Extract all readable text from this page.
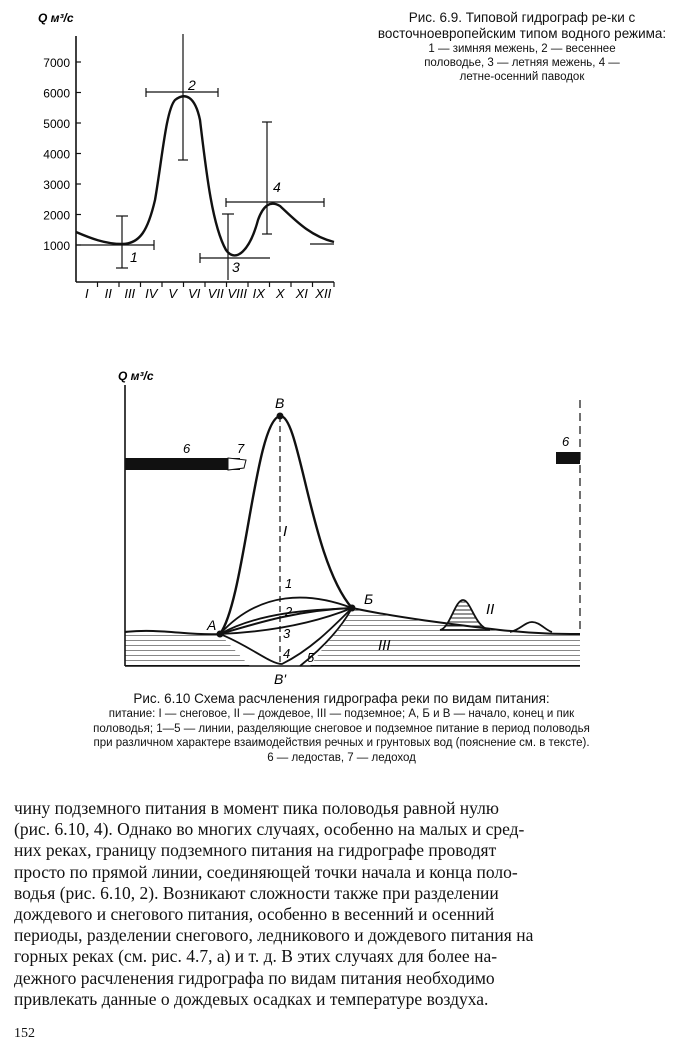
Q м³/с
7000
6000
5000
4000
3000
2000
1000
I II III IV V VI VII VIII IX X XI XII
1
2
3
4
Рис. 6.9. Типовой гидрограф ре-ки с восточноевропейским типом водного режима:
1 — зимняя межень, 2 — весеннее
половодье, 3 — летняя межень, 4 —
летне-осенний паводок
Q м³/с
A
Б
B
B'
1
2
3
4 5
I
II
III
6	7	6
Рис. 6.10 Схема расчленения гидрографа реки по видам питания:
питание: I — снеговое, II — дождевое, III — подземное; А, Б и В — начало, конец и пик
половодья; 1—5 — линии, разделяющие снеговое и подземное питание в период половодья
при различном характере взаимодействия речных и грунтовых вод (пояснение см. в тексте).
6 — ледостав, 7 — ледоход
чину подземного питания в момент пика половодья равной нулю
(рис. 6.10, 4). Однако во многих случаях, особенно на малых и сред-
них реках, границу подземного питания на гидрографе проводят
просто по прямой линии, соединяющей точки начала и конца поло-
водья (рис. 6.10, 2). Возникают сложности также при разделении
дождевого и снегового питания, особенно в весенний и осенний
периоды, разделении снегового, ледникового и дождевого питания на
горных реках (см. рис. 4.7, а) и т. д. В этих случаях для более на-
дежного расчленения гидрографа по видам питания необходимо
привлекать данные о дождевых осадках и температуре воздуха.
152
